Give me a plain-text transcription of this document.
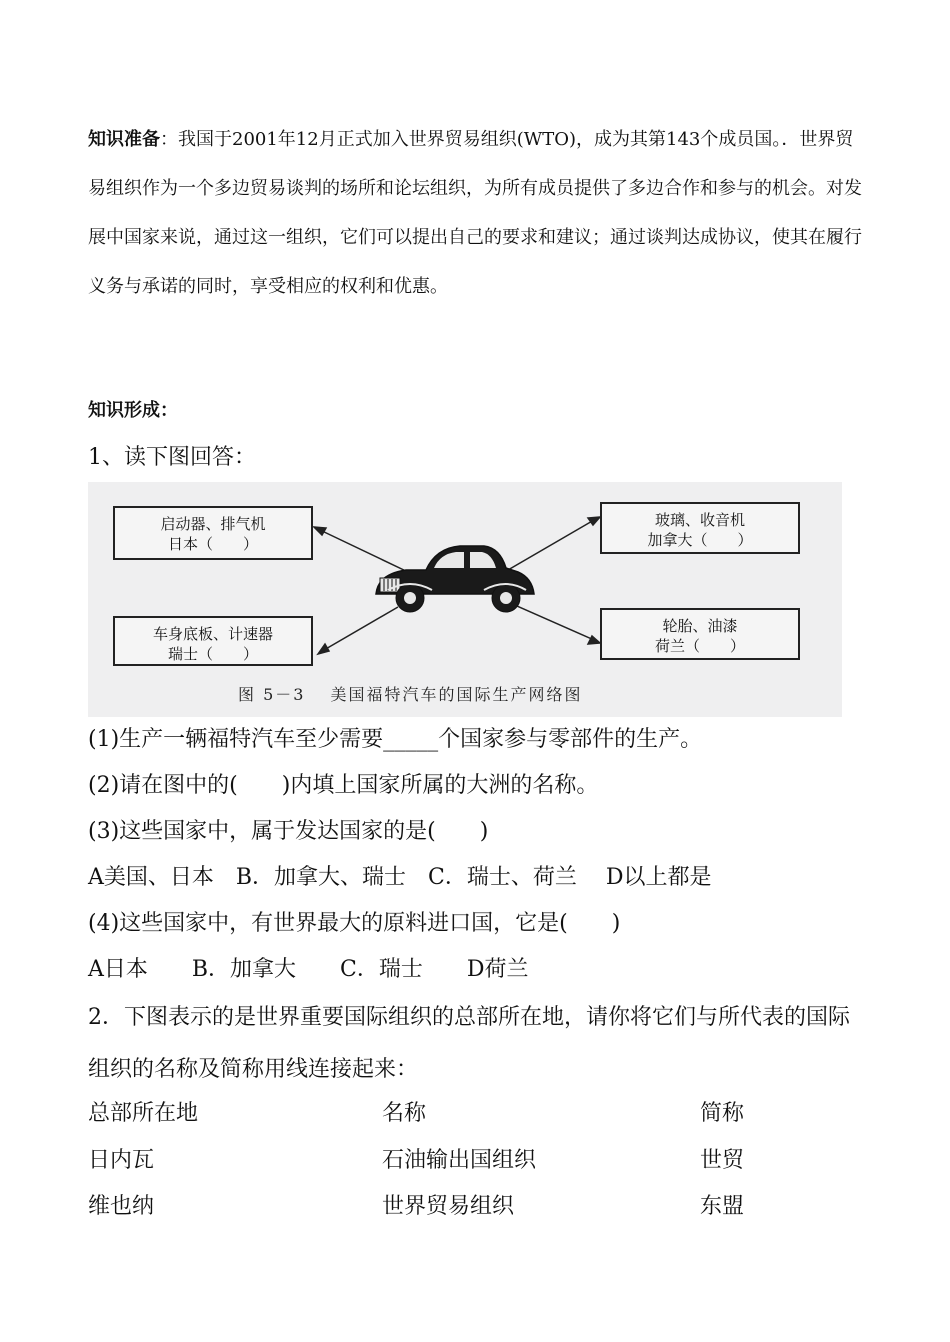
知识准备：我国于2001年12月正式加入世界贸易组织(WTO)，成为其第143个成员国。．世界贸易组织作为一个多边贸易谈判的场所和论坛组织，为所有成员提供了多边合作和参与的机会。对发展中国家来说，通过这一组织，它们可以提出自己的要求和建议；通过谈判达成协议，使其在履行义务与承诺的同时，享受相应的权利和优惠。
知识形成：
1、读下图回答：
启动器、排气机
日本（　　）
玻璃、收音机
加拿大（　　）
车身底板、计速器
瑞士（　　）
轮胎、油漆
荷兰（　　）
图 5－3　 美国福特汽车的国际生产网络图
(1)生产一辆福特汽车至少需要_____个国家参与零部件的生产。
(2)请在图中的(　　)内填上国家所属的大洲的名称。
(3)这些国家中，属于发达国家的是(　　)
A美国、日本　B．加拿大、瑞士　C．瑞士、荷兰　 D以上都是
(4)这些国家中，有世界最大的原料进口国，它是(　　)
A日本　　B．加拿大　　C．瑞士　　D荷兰
2．下图表示的是世界重要国际组织的总部所在地，请你将它们与所代表的国际组织的名称及简称用线连接起来：
总部所在地	名称	简称
日内瓦	石油输出国组织	世贸
维也纳	世界贸易组织	东盟
